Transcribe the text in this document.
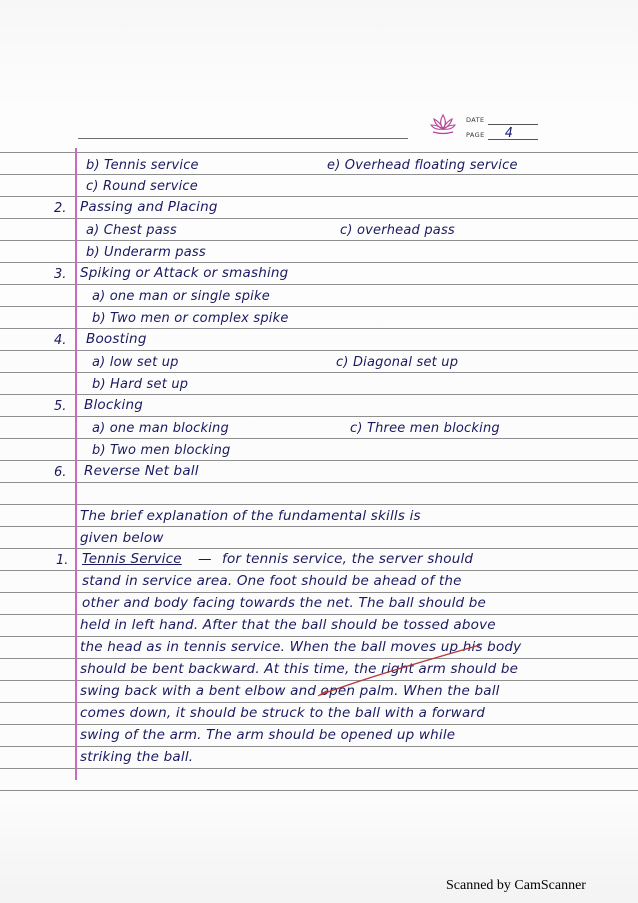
DATE
PAGE 4
b) Tennis service	e) Overhead floating service
c) Round service
2. Passing and Placing
a) Chest pass	c) overhead pass
b) Underarm pass
3. Spiking or Attack or smashing
a) one man or single spike
b) Two men or complex spike
4. Boosting
a) low set up	c) Diagonal set up
b) Hard set up
5. Blocking
a) one man blocking	c) Three men blocking
b) Two men blocking
6. Reverse Net ball
The brief explanation of the fundamental skills is
given below
1. Tennis Service — for tennis service, the server should
stand in service area. One foot should be ahead of the
other and body facing towards the net. The ball should be
held in left hand. After that the ball should be tossed above
the head as in tennis service. When the ball moves up his body
should be bent backward. At this time, the right arm should be
swing back with a bent elbow and open palm. When the ball
comes down, it should be struck to the ball with a forward
swing of the arm. The arm should be opened up while
striking the ball.
Scanned by CamScanner
